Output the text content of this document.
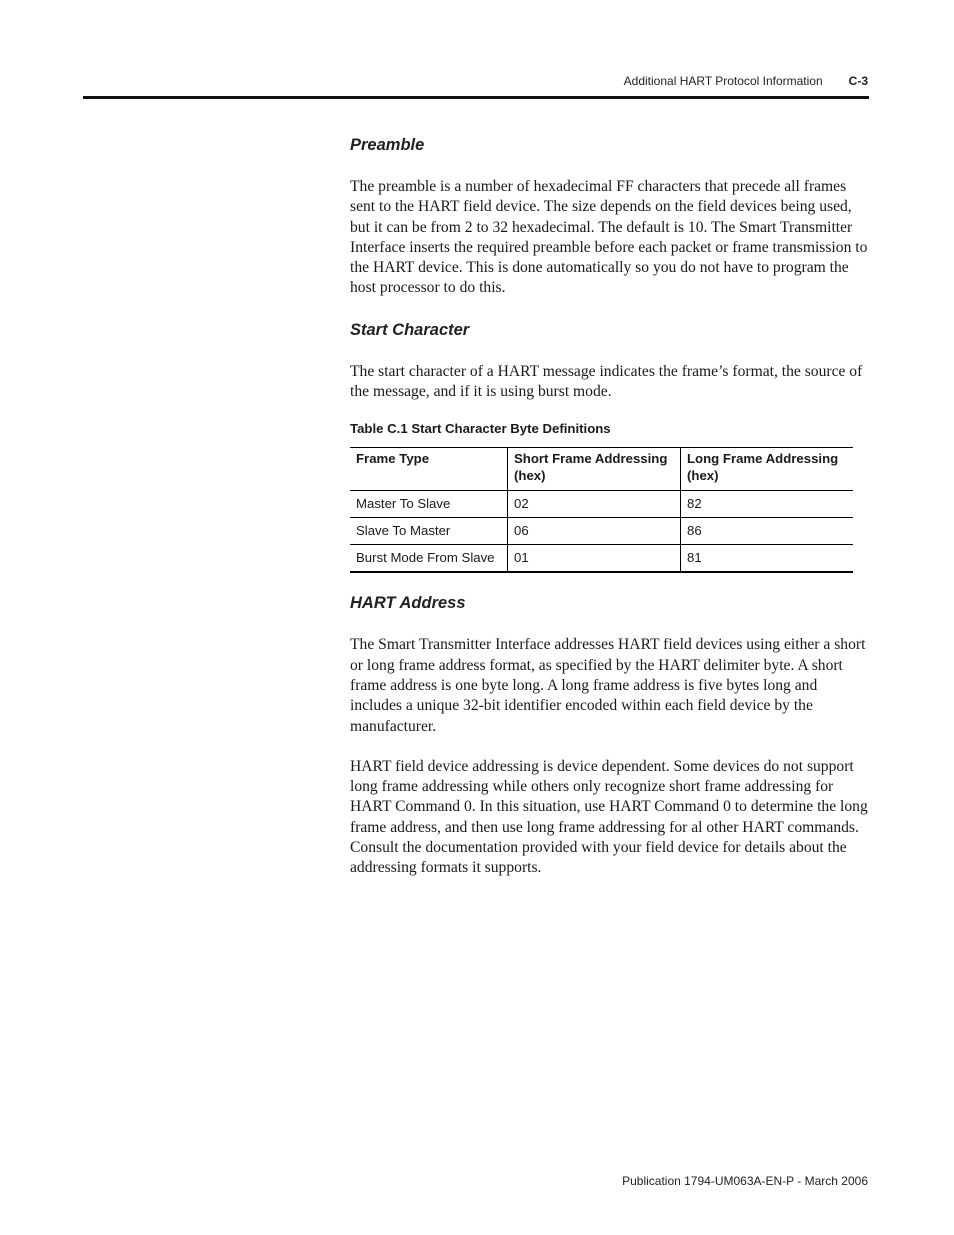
Additional HART Protocol Information C-3
Preamble

The preamble is a number of hexadecimal FF characters that precede all frames sent to the HART field device. The size depends on the field devices being used, but it can be from 2 to 32 hexadecimal. The default is 10. The Smart Transmitter Interface inserts the required preamble before each packet or frame transmission to the HART device. This is done automatically so you do not have to program the host processor to do this.

Start Character

The start character of a HART message indicates the frame’s format, the source of the message, and if it is using burst mode.

Table C.1 Start Character Byte Definitions

Frame Type	Short Frame Addressing (hex)	Long Frame Addressing (hex)
Master To Slave	02	82
Slave To Master	06	86
Burst Mode From Slave	01	81
HART Address

The Smart Transmitter Interface addresses HART field devices using either a short or long frame address format, as specified by the HART delimiter byte. A short frame address is one byte long. A long frame address is five bytes long and includes a unique 32-bit identifier encoded within each field device by the manufacturer.

HART field device addressing is device dependent. Some devices do not support long frame addressing while others only recognize short frame addressing for HART Command 0. In this situation, use HART Command 0 to determine the long frame address, and then use long frame addressing for al other HART commands. Consult the documentation provided with your field device for details about the addressing formats it supports.

Publication 1794-UM063A-EN-P - March 2006
